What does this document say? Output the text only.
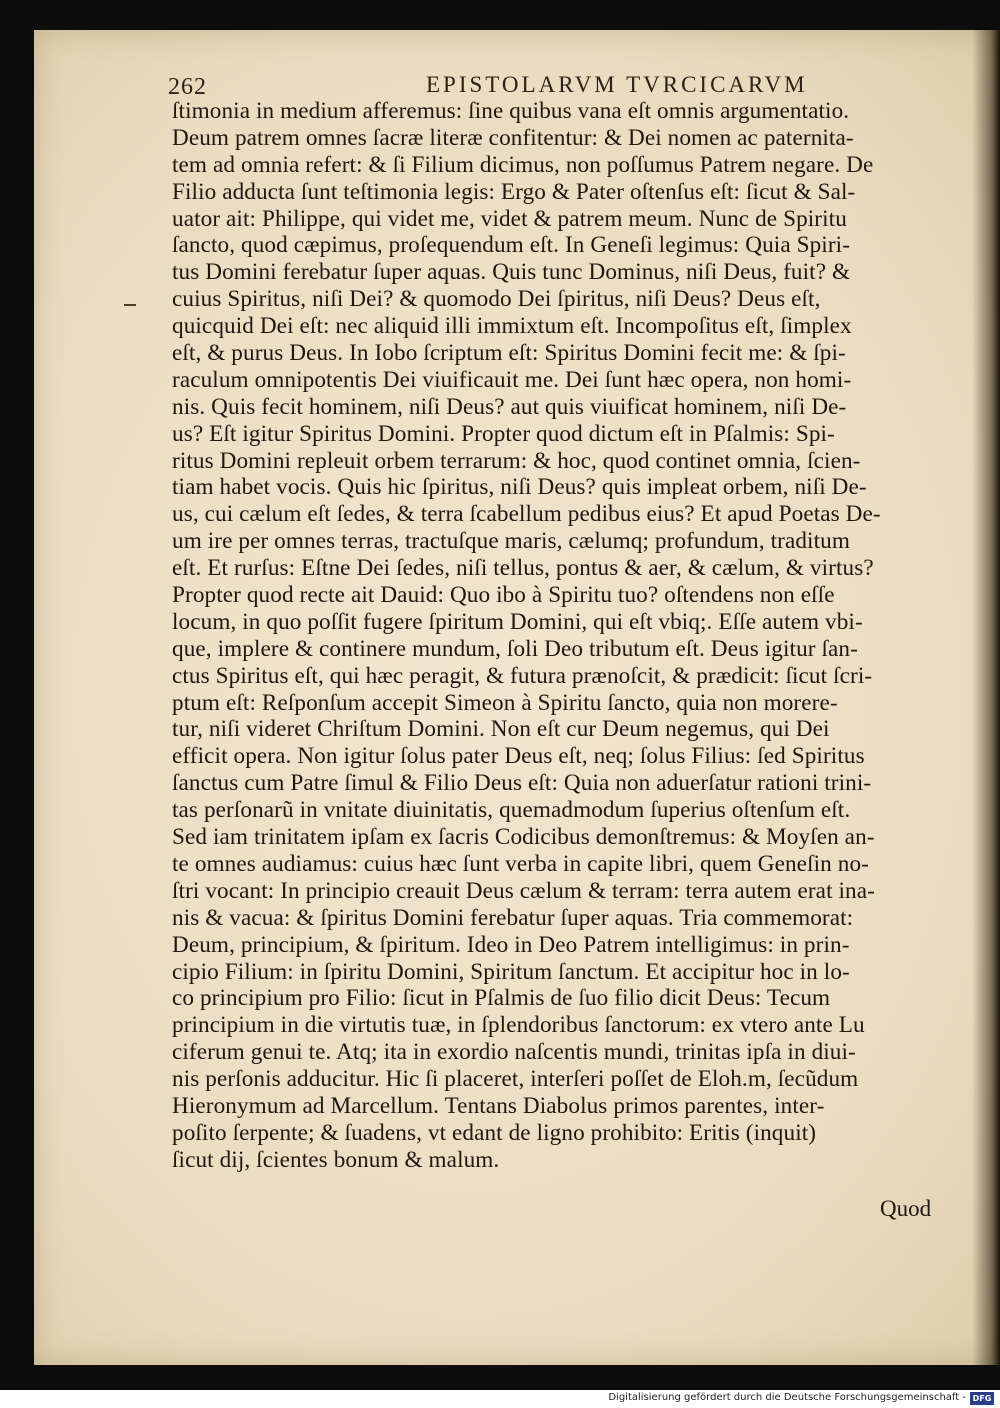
262	EPISTOLARVM TVRCICARVM
ſtimonia in medium afferemus: ſine quibus vana eſt omnis argumentatio.
Deum patrem omnes ſacræ literæ confitentur: & Dei nomen ac paternita-
tem ad omnia refert: & ſi Filium dicimus, non poſſumus Patrem negare. De
Filio adducta ſunt teſtimonia legis: Ergo & Pater oſtenſus eſt: ſicut & Sal-
uator ait: Philippe, qui videt me, videt & patrem meum. Nunc de Spiritu
ſancto, quod cæpimus, proſequendum eſt. In Geneſi legimus: Quia Spiri-
tus Domini ferebatur ſuper aquas. Quis tunc Dominus, niſi Deus, fuit? &
cuius Spiritus, niſi Dei? & quomodo Dei ſpiritus, niſi Deus? Deus eſt,
quicquid Dei eſt: nec aliquid illi immixtum eſt. Incompoſitus eſt, ſimplex
eſt, & purus Deus. In Iobo ſcriptum eſt: Spiritus Domini fecit me: & ſpi-
raculum omnipotentis Dei viuificauit me. Dei ſunt hæc opera, non homi-
nis. Quis fecit hominem, niſi Deus? aut quis viuificat hominem, niſi De-
us? Eſt igitur Spiritus Domini. Propter quod dictum eſt in Pſalmis: Spi-
ritus Domini repleuit orbem terrarum: & hoc, quod continet omnia, ſcien-
tiam habet vocis. Quis hic ſpiritus, niſi Deus? quis impleat orbem, niſi De-
us, cui cælum eſt ſedes, & terra ſcabellum pedibus eius? Et apud Poetas De-
um ire per omnes terras, tractuſque maris, cælumq; profundum, traditum
eſt. Et rurſus: Eſtne Dei ſedes, niſi tellus, pontus & aer, & cælum, & virtus?
Propter quod recte ait Dauid: Quo ibo à Spiritu tuo? oſtendens non eſſe
locum, in quo poſſit fugere ſpiritum Domini, qui eſt vbiq;. Eſſe autem vbi-
que, implere & continere mundum, ſoli Deo tributum eſt. Deus igitur ſan-
ctus Spiritus eſt, qui hæc peragit, & futura prænoſcit, & prædicit: ſicut ſcri-
ptum eſt: Reſponſum accepit Simeon à Spiritu ſancto, quia non morere-
tur, niſi videret Chriſtum Domini. Non eſt cur Deum negemus, qui Dei
efficit opera. Non igitur ſolus pater Deus eſt, neq; ſolus Filius: ſed Spiritus
ſanctus cum Patre ſimul & Filio Deus eſt: Quia non aduerſatur rationi trini-
tas perſonarũ in vnitate diuinitatis, quemadmodum ſuperius oſtenſum eſt.
Sed iam trinitatem ipſam ex ſacris Codicibus demonſtremus: & Moyſen an-
te omnes audiamus: cuius hæc ſunt verba in capite libri, quem Geneſin no-
ſtri vocant: In principio creauit Deus cælum & terram: terra autem erat ina-
nis & vacua: & ſpiritus Domini ferebatur ſuper aquas. Tria commemorat:
Deum, principium, & ſpiritum. Ideo in Deo Patrem intelligimus: in prin-
cipio Filium: in ſpiritu Domini, Spiritum ſanctum. Et accipitur hoc in lo-
co principium pro Filio: ſicut in Pſalmis de ſuo filio dicit Deus: Tecum
principium in die virtutis tuæ, in ſplendoribus ſanctorum: ex vtero ante Lu
ciferum genui te. Atq; ita in exordio naſcentis mundi, trinitas ipſa in diui-
nis perſonis adducitur. Hic ſi placeret, interſeri poſſet de Eloh.m, ſecũdum
Hieronymum ad Marcellum. Tentans Diabolus primos parentes, inter-
poſito ſerpente; & ſuadens, vt edant de ligno prohibito: Eritis (inquit)
ſicut dij, ſcientes bonum & malum.
Quod
Digitalisierung gefördert durch die Deutsche Forschungsgemeinschaft - DFG
